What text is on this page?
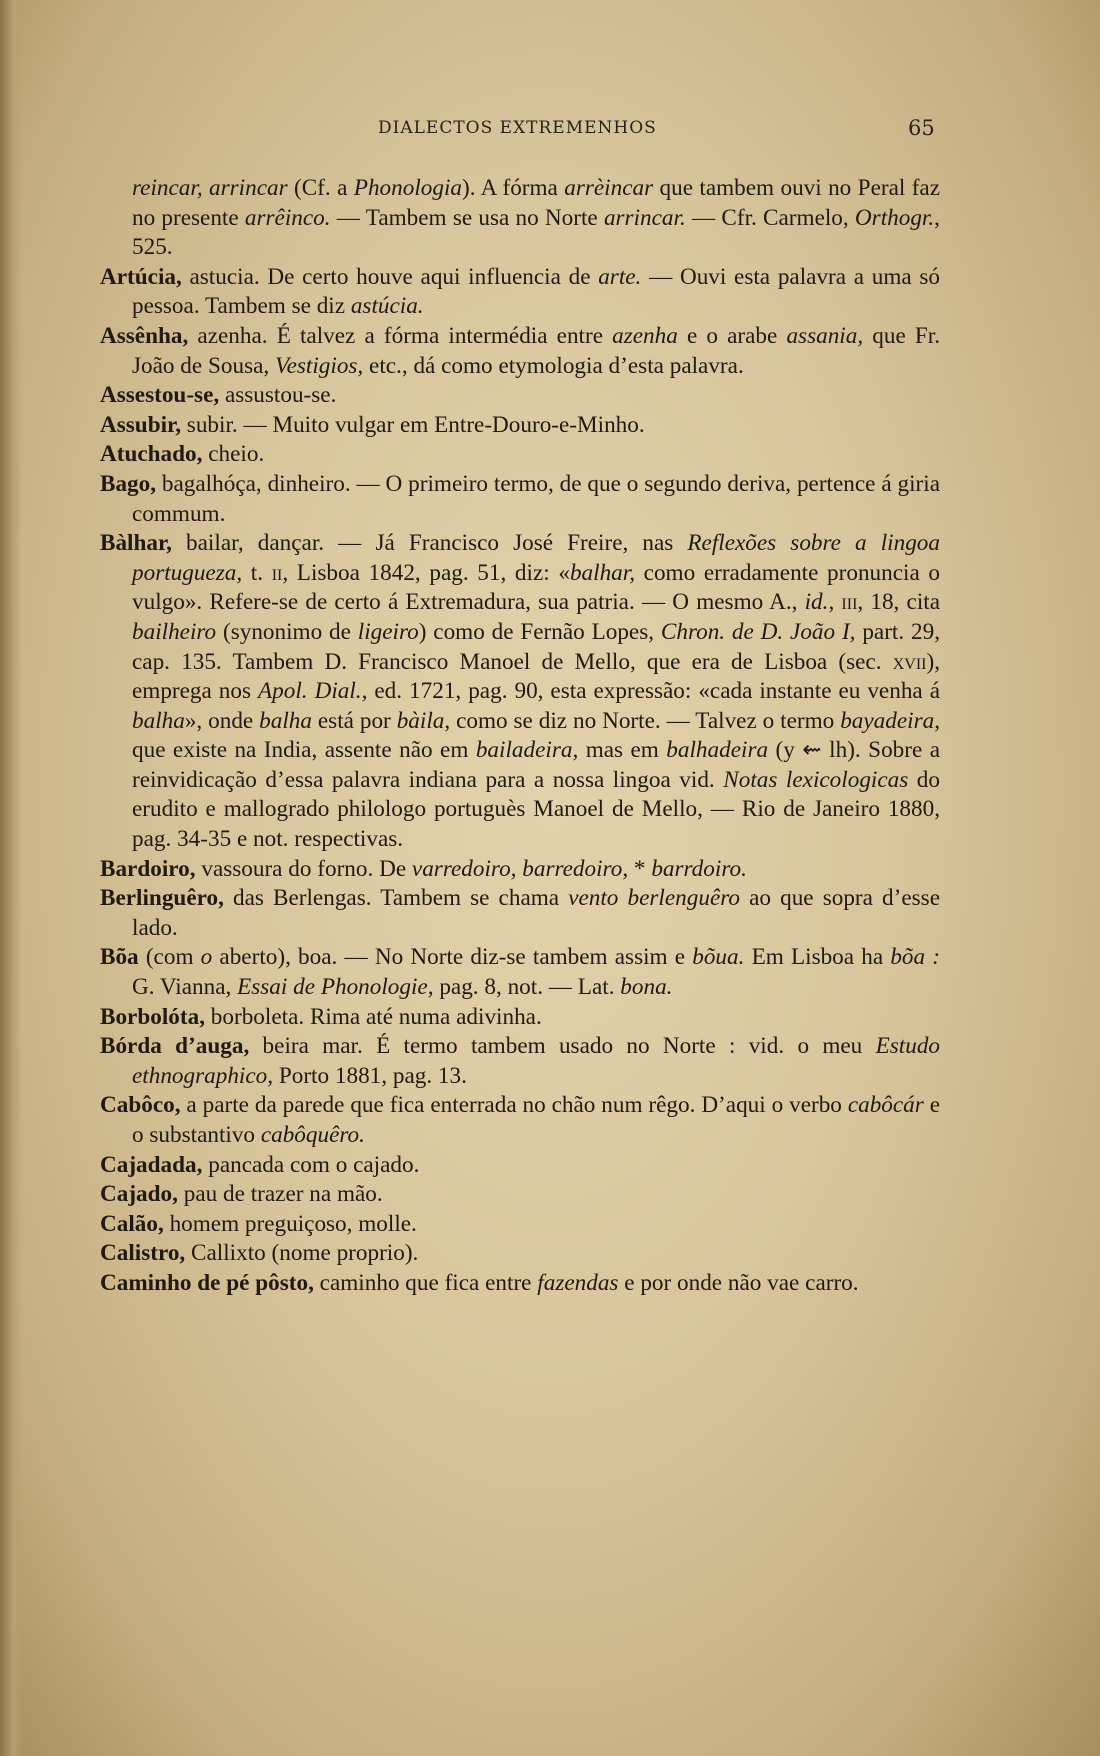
DIALECTOS EXTREMENHOS	65

reincar, arrincar (Cf. a Phonologia). A fórma arrèincar que tambem ouvi no Peral faz no presente arrêinco. — Tambem se usa no Norte arrincar. — Cfr. Carmelo, Orthogr., 525.

Artúcia, astucia. De certo houve aqui influencia de arte. — Ouvi esta palavra a uma só pessoa. Tambem se diz astúcia.

Assênha, azenha. É talvez a fórma intermédia entre azenha e o arabe assania, que Fr. João de Sousa, Vestigios, etc., dá como etymologia d’esta palavra.

Assestou-se, assustou-se.

Assubir, subir. — Muito vulgar em Entre-Douro-e-Minho.

Atuchado, cheio.

Bago, bagalhóça, dinheiro. — O primeiro termo, de que o segundo deriva, pertence á giria commum.

Bàlhar, bailar, dançar. — Já Francisco José Freire, nas Reflexões sobre a lingoa portugueza, t. ii, Lisboa 1842, pag. 51, diz: «balhar, como erradamente pronuncia o vulgo». Refere-se de certo á Extremadura, sua patria. — O mesmo A., id., iii, 18, cita bailheiro (synonimo de ligeiro) como de Fernão Lopes, Chron. de D. João I, part. 29, cap. 135. Tambem D. Francisco Manoel de Mello, que era de Lisboa (sec. xvii), emprega nos Apol. Dial., ed. 1721, pag. 90, esta expressão: «cada instante eu venha á balha», onde balha está por bàila, como se diz no Norte. — Talvez o termo bayadeira, que existe na India, assente não em bailadeira, mas em balhadeira (y ⇜ lh). Sobre a reinvidicação d’essa palavra indiana para a nossa lingoa vid. Notas lexicologicas do erudito e mallogrado philologo portuguès Manoel de Mello, — Rio de Janeiro 1880, pag. 34-35 e not. respectivas.

Bardoiro, vassoura do forno. De varredoiro, barredoiro, * barrdoiro.

Berlinguêro, das Berlengas. Tambem se chama vento berlenguêro ao que sopra d’esse lado.

Bõa (com o aberto), boa. — No Norte diz-se tambem assim e bõua. Em Lisboa ha bõa : G. Vianna, Essai de Phonologie, pag. 8, not. — Lat. bona.

Borbolóta, borboleta. Rima até numa adivinha.

Bórda d’auga, beira mar. É termo tambem usado no Norte : vid. o meu Estudo ethnographico, Porto 1881, pag. 13.

Cabôco, a parte da parede que fica enterrada no chão num rêgo. D’aqui o verbo cabôcár e o substantivo cabôquêro.

Cajadada, pancada com o cajado.

Cajado, pau de trazer na mão.

Calão, homem preguiçoso, molle.

Calistro, Callixto (nome proprio).

Caminho de pé pôsto, caminho que fica entre fazendas e por onde não vae carro.
